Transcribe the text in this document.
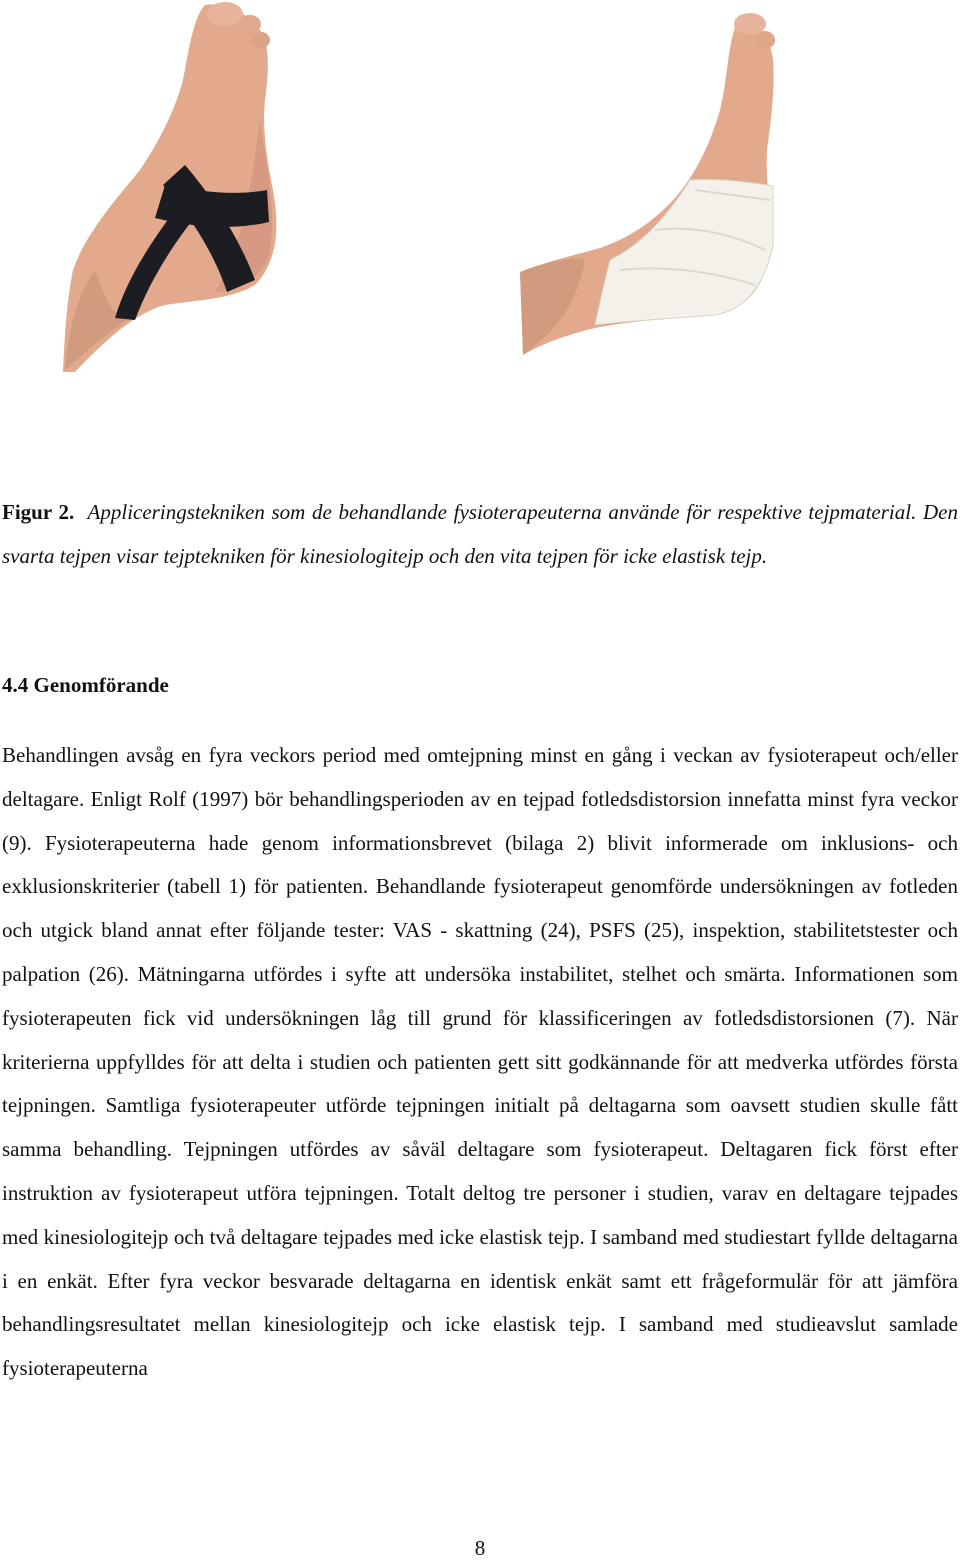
Figur 2. Appliceringstekniken som de behandlande fysioterapeuterna använde för respektive tejpmaterial. Den svarta tejpen visar tejptekniken för kinesiologitejp och den vita tejpen för icke elastisk tejp.
4.4 Genomförande

Behandlingen avsåg en fyra veckors period med omtejpning minst en gång i veckan av fysioterapeut och/eller deltagare. Enligt Rolf (1997) bör behandlingsperioden av en tejpad fotledsdistorsion innefatta minst fyra veckor (9). Fysioterapeuterna hade genom informationsbrevet (bilaga 2) blivit informerade om inklusions- och exklusionskriterier (tabell 1) för patienten. Behandlande fysioterapeut genomförde undersökningen av fotleden och utgick bland annat efter följande tester: VAS - skattning (24), PSFS (25), inspektion, stabilitetstester och palpation (26). Mätningarna utfördes i syfte att undersöka instabilitet, stelhet och smärta. Informationen som fysioterapeuten fick vid undersökningen låg till grund för klassificeringen av fotledsdistorsionen (7). När kriterierna uppfylldes för att delta i studien och patienten gett sitt godkännande för att medverka utfördes första tejpningen. Samtliga fysioterapeuter utförde tejpningen initialt på deltagarna som oavsett studien skulle fått samma behandling. Tejpningen utfördes av såväl deltagare som fysioterapeut. Deltagaren fick först efter instruktion av fysioterapeut utföra tejpningen. Totalt deltog tre personer i studien, varav en deltagare tejpades med kinesiologitejp och två deltagare tejpades med icke elastisk tejp. I samband med studiestart fyllde deltagarna i en enkät. Efter fyra veckor besvarade deltagarna en identisk enkät samt ett frågeformulär för att jämföra behandlingsresultatet mellan kinesiologitejp och icke elastisk tejp. I samband med studieavslut samlade fysioterapeuterna

8
